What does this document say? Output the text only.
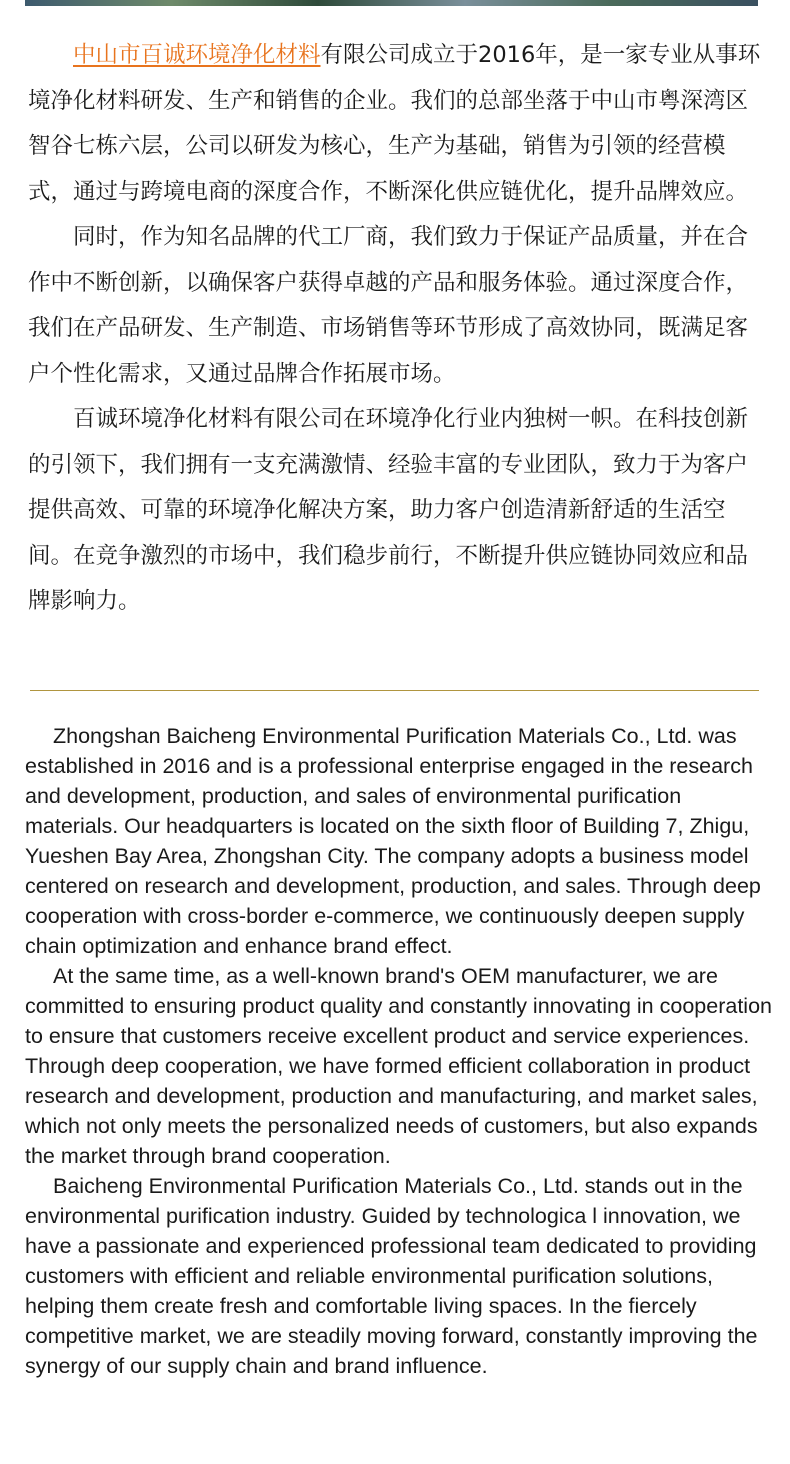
中山市百诚环境净化材料有限公司成立于2016年，是一家专业从事环境净化材料研发、生产和销售的企业。我们的总部坐落于中山市粤深湾区智谷七栋六层，公司以研发为核心，生产为基础，销售为引领的经营模式，通过与跨境电商的深度合作，不断深化供应链优化，提升品牌效应。

同时，作为知名品牌的代工厂商，我们致力于保证产品质量，并在合作中不断创新，以确保客户获得卓越的产品和服务体验。通过深度合作，我们在产品研发、生产制造、市场销售等环节形成了高效协同，既满足客户个性化需求，又通过品牌合作拓展市场。

百诚环境净化材料有限公司在环境净化行业内独树一帜。在科技创新的引领下，我们拥有一支充满激情、经验丰富的专业团队，致力于为客户提供高效、可靠的环境净化解决方案，助力客户创造清新舒适的生活空间。在竞争激烈的市场中，我们稳步前行，不断提升供应链协同效应和品牌影响力。

Zhongshan Baicheng Environmental Purification Materials Co., Ltd. was established in 2016 and is a professional enterprise engaged in the research and development, production, and sales of environmental purification materials. Our headquarters is located on the sixth floor of Building 7, Zhigu, Yueshen Bay Area, Zhongshan City. The company adopts a business model centered on research and development, production, and sales. Through deep cooperation with cross-border e-commerce, we continuously deepen supply chain optimization and enhance brand effect.

At the same time, as a well-known brand's OEM manufacturer, we are committed to ensuring product quality and constantly innovating in cooperation to ensure that customers receive excellent product and service experiences. Through deep cooperation, we have formed efficient collaboration in product research and development, production and manufacturing, and market sales, which not only meets the personalized needs of customers, but also expands the market through brand cooperation.

Baicheng Environmental Purification Materials Co., Ltd. stands out in the environmental purification industry. Guided by technologica l innovation, we have a passionate and experienced professional team dedicated to providing customers with efficient and reliable environmental purification solutions, helping them create fresh and comfortable living spaces. In the fiercely competitive market, we are steadily moving forward, constantly improving the synergy of our supply chain and brand influence.
